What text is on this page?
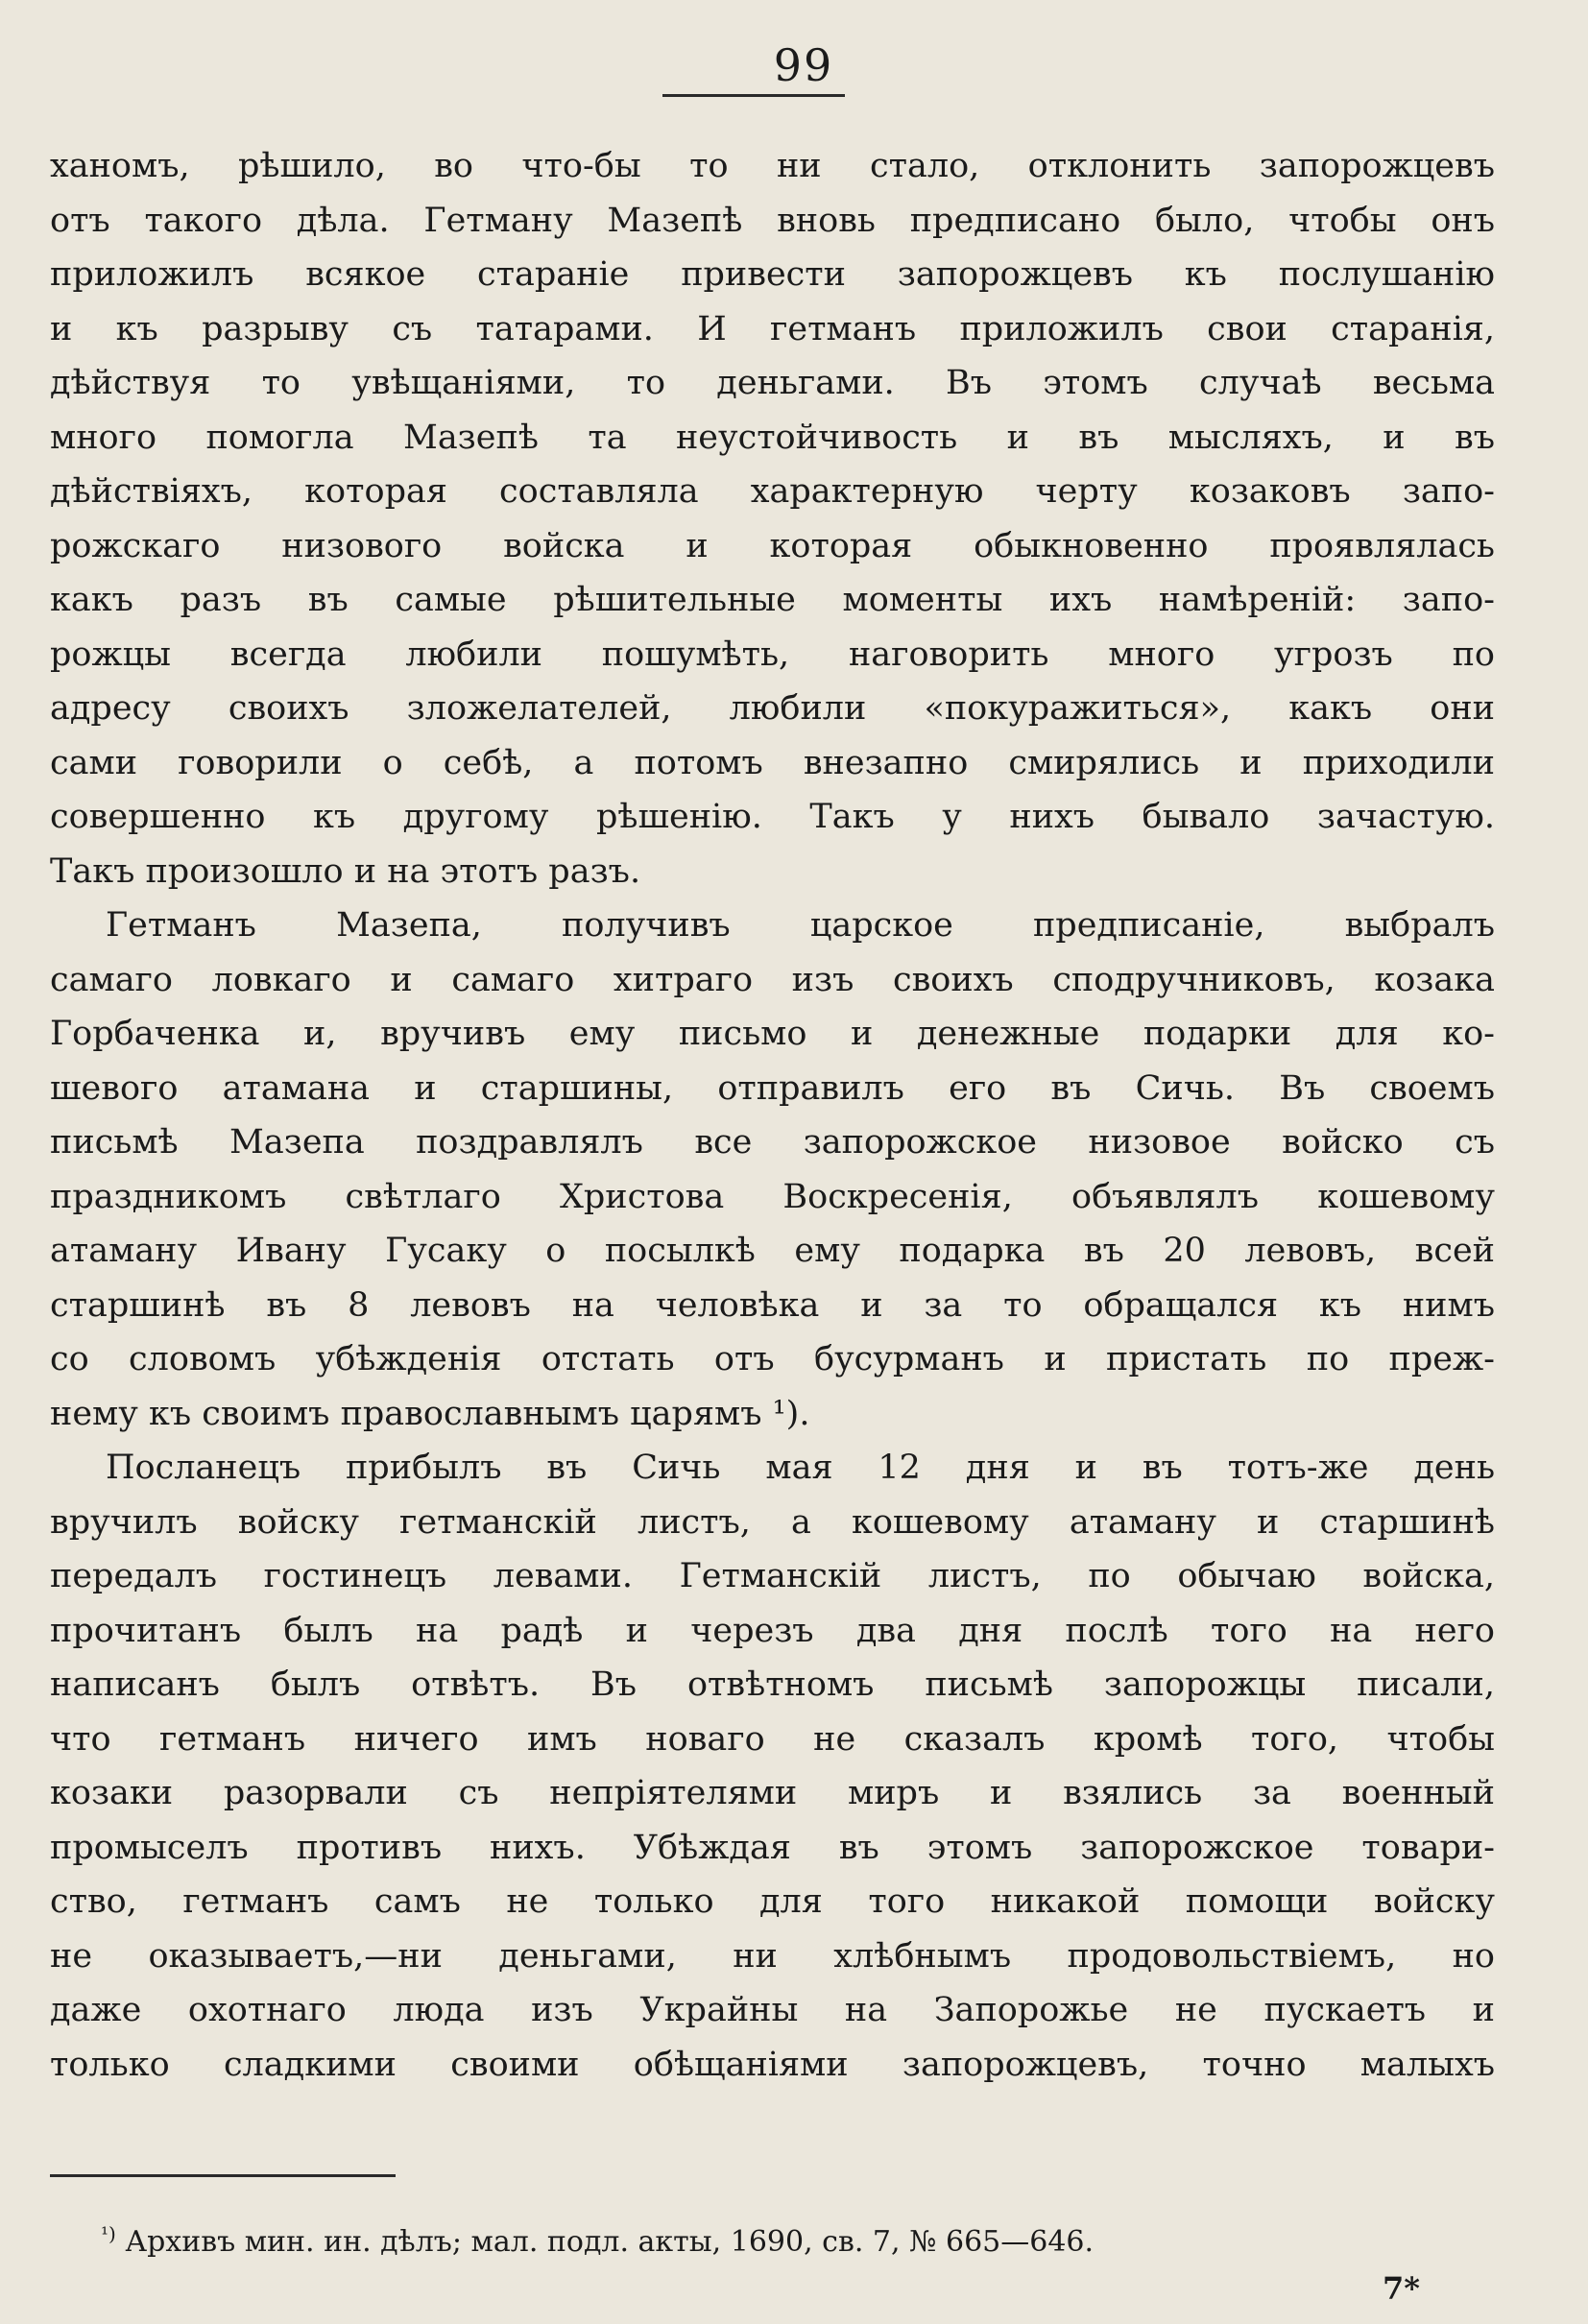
99
ханомъ, рѣшило, во что-бы то ни стало, отклонить запорожцевъ
отъ такого дѣла. Гетману Мазепѣ вновь предписано было, чтобы онъ
приложилъ всякое стараніе привести запорожцевъ къ послушанію
и къ разрыву съ татарами. И гетманъ приложилъ свои старанія,
дѣйствуя то увѣщаніями, то деньгами. Въ этомъ случаѣ весьма
много помогла Мазепѣ та неустойчивость и въ мысляхъ, и въ
дѣйствіяхъ, которая составляла характерную черту козаковъ запо-
рожскаго низового войска и которая обыкновенно проявлялась
какъ разъ въ самые рѣшительные моменты ихъ намѣреній: запо-
рожцы всегда любили пошумѣть, наговорить много угрозъ по
адресу своихъ зложелателей, любили «покуражиться», какъ они
сами говорили о себѣ, а потомъ внезапно смирялись и приходили
совершенно къ другому рѣшенію. Такъ у нихъ бывало зачастую.
Такъ произошло и на этотъ разъ.
Гетманъ Мазепа, получивъ царское предписаніе, выбралъ
самаго ловкаго и самаго хитраго изъ своихъ сподручниковъ, козака
Горбаченка и, вручивъ ему письмо и денежные подарки для ко-
шевого атамана и старшины, отправилъ его въ Сичь. Въ своемъ
письмѣ Мазепа поздравлялъ все запорожское низовое войско съ
праздникомъ свѣтлаго Христова Воскресенія, объявлялъ кошевому
атаману Ивану Гусаку о посылкѣ ему подарка въ 20 левовъ, всей
старшинѣ въ 8 левовъ на человѣка и за то обращался къ нимъ
со словомъ убѣжденія отстать отъ бусурманъ и пристать по преж-
нему къ своимъ православнымъ царямъ ¹).
Посланецъ прибылъ въ Сичь мая 12 дня и въ тотъ-же день
вручилъ войску гетманскій листъ, а кошевому атаману и старшинѣ
передалъ гостинецъ левами. Гетманскій листъ, по обычаю войска,
прочитанъ былъ на радѣ и черезъ два дня послѣ того на него
написанъ былъ отвѣтъ. Въ отвѣтномъ письмѣ запорожцы писали,
что гетманъ ничего имъ новаго не сказалъ кромѣ того, чтобы
козаки разорвали съ непріятелями миръ и взялись за военный
промыселъ противъ нихъ. Убѣждая въ этомъ запорожское товари-
ство, гетманъ самъ не только для того никакой помощи войску
не оказываетъ,—ни деньгами, ни хлѣбнымъ продовольствіемъ, но
даже охотнаго люда изъ Украйны на Запорожье не пускаетъ и
только сладкими своими обѣщаніями запорожцевъ, точно малыхъ
$^{^1)}$ Архивъ мин. ин. дѣлъ; мал. подл. акты, 1690, св. 7, № 665—646.
7*
